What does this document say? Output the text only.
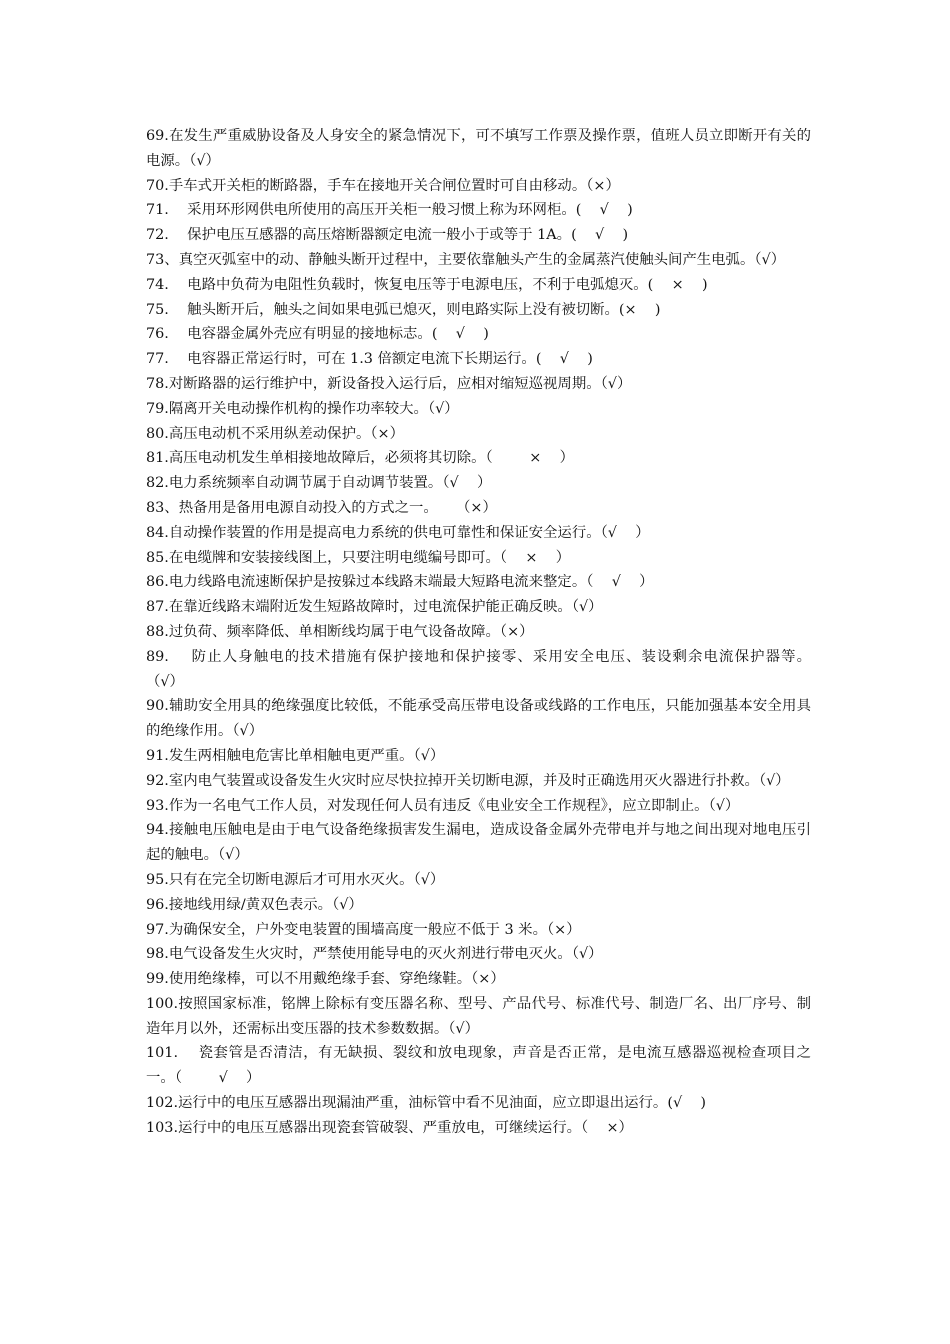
69.在发生严重威胁设备及人身安全的紧急情况下，可不填写工作票及操作票，值班人员立即断开有关的电源。（√）

70.手车式开关柜的断路器，手车在接地开关合闸位置时可自由移动。（×）

71.    采用环形网供电所使用的高压开关柜一般习惯上称为环网柜。(    √    )

72.    保护电压互感器的高压熔断器额定电流一般小于或等于 1A。(    √    )

73、真空灭弧室中的动、静触头断开过程中，主要依靠触头产生的金属蒸汽使触头间产生电弧。（√）

74.    电路中负荷为电阻性负载时，恢复电压等于电源电压，不利于电弧熄灭。(    ×    )

75.    触头断开后，触头之间如果电弧已熄灭，则电路实际上没有被切断。(×    )

76.    电容器金属外壳应有明显的接地标志。(    √    )

77.    电容器正常运行时，可在 1.3 倍额定电流下长期运行。(    √    )

78.对断路器的运行维护中，新设备投入运行后，应相对缩短巡视周期。（√）

79.隔离开关电动操作机构的操作功率较大。（√）

80.高压电动机不采用纵差动保护。（×）

81.高压电动机发生单相接地故障后，必须将其切除。（        ×    ）

82.电力系统频率自动调节属于自动调节装置。（√    ）

83、热备用是备用电源自动投入的方式之一。    （×）

84.自动操作装置的作用是提高电力系统的供电可靠性和保证安全运行。（√    ）

85.在电缆牌和安装接线图上，只要注明电缆编号即可。（    ×    ）

86.电力线路电流速断保护是按躲过本线路末端最大短路电流来整定。（    √    ）

87.在靠近线路末端附近发生短路故障时，过电流保护能正确反映。（√）

88.过负荷、频率降低、单相断线均属于电气设备故障。（×）

89.    防止人身触电的技术措施有保护接地和保护接零、采用安全电压、装设剩余电流保护器等。    （√）

90.辅助安全用具的绝缘强度比较低，不能承受高压带电设备或线路的工作电压，只能加强基本安全用具的绝缘作用。（√）

91.发生两相触电危害比单相触电更严重。（√）

92.室内电气装置或设备发生火灾时应尽快拉掉开关切断电源，并及时正确选用灭火器进行扑救。（√）

93.作为一名电气工作人员，对发现任何人员有违反《电业安全工作规程》，应立即制止。（√）

94.接触电压触电是由于电气设备绝缘损害发生漏电，造成设备金属外壳带电并与地之间出现对地电压引起的触电。（√）

95.只有在完全切断电源后才可用水灭火。（√）

96.接地线用绿/黄双色表示。（√）

97.为确保安全，户外变电装置的围墙高度一般应不低于 3 米。（×）

98.电气设备发生火灾时，严禁使用能导电的灭火剂进行带电灭火。（√）

99.使用绝缘棒，可以不用戴绝缘手套、穿绝缘鞋。（×）

100.按照国家标准，铭牌上除标有变压器名称、型号、产品代号、标准代号、制造厂名、出厂序号、制造年月以外，还需标出变压器的技术参数数据。（√）

101.    瓷套管是否清洁，有无缺损、裂纹和放电现象，声音是否正常，是电流互感器巡视检查项目之一。（        √    ）

102.运行中的电压互感器出现漏油严重，油标管中看不见油面，应立即退出运行。(√    )

103.运行中的电压互感器出现瓷套管破裂、严重放电，可继续运行。（    ×）
